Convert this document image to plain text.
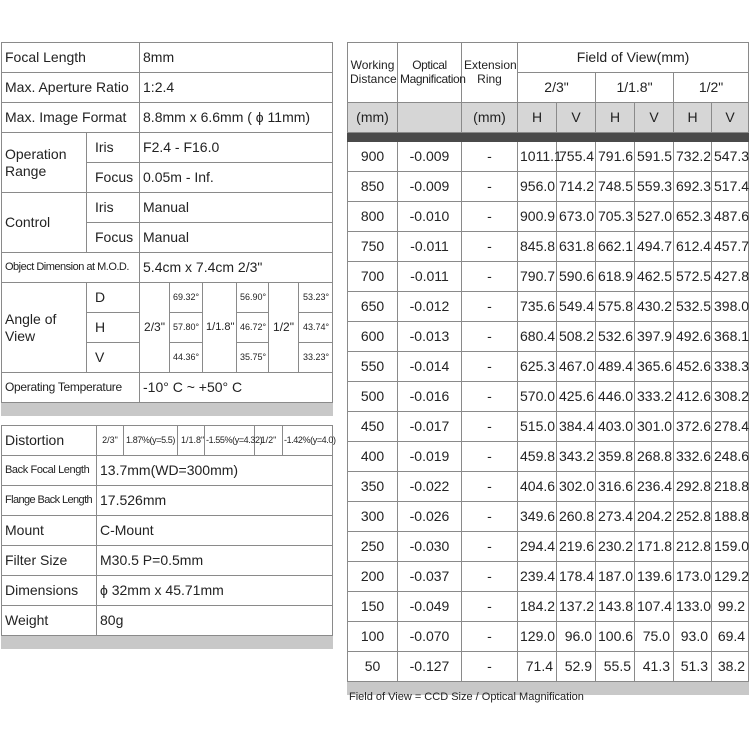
Focal Length		8mm					
Max. Aperture Ratio		1:2.4					
Max. Image Format		8.8mm x 6.6mm ( ϕ 11mm)					
Operation Range	Iris	F2.4 - F16.0					
	Focus	0.05m - Inf.					
Control	Iris	Manual					
	Focus	Manual					
Object Dimension at M.O.D.		5.4cm x 7.4cm 2/3"					
Angle of View	D	2/3"	69.32°	1/1.8"	56.90°	1/2"	53.23°
	H		57.80°		46.72°		43.74°
	V		44.36°		35.75°		33.23°
Operating Temperature		-10° C ~ +50° C					

Distortion	2/3"	1.87%(y=5.5)	1/1.8"	-1.55%(y=4.32)	1/2"	-1.42%(y=4.0)
Back Focal Length	13.7mm(WD=300mm)					
Flange Back Length	17.526mm					
Mount	C-Mount					
Filter Size	M30.5 P=0.5mm					
Dimensions	ϕ 32mm x 45.71mm					
Weight	80g					

Working Distance	Optical Magnification	Extension Ring	Field of View(mm)					
			2/3"		1/1.8"		1/2"	
(mm)		(mm)	H	V	H	V	H	V

900	-0.009	-	1011.1	755.4	791.6	591.5	732.2	547.3
850	-0.009	-	956.0	714.2	748.5	559.3	692.3	517.4
800	-0.010	-	900.9	673.0	705.3	527.0	652.3	487.6
750	-0.011	-	845.8	631.8	662.1	494.7	612.4	457.7
700	-0.011	-	790.7	590.6	618.9	462.5	572.5	427.8
650	-0.012	-	735.6	549.4	575.8	430.2	532.5	398.0
600	-0.013	-	680.4	508.2	532.6	397.9	492.6	368.1
550	-0.014	-	625.3	467.0	489.4	365.6	452.6	338.3
500	-0.016	-	570.0	425.6	446.0	333.2	412.6	308.2
450	-0.017	-	515.0	384.4	403.0	301.0	372.6	278.4
400	-0.019	-	459.8	343.2	359.8	268.8	332.6	248.6
350	-0.022	-	404.6	302.0	316.6	236.4	292.8	218.8
300	-0.026	-	349.6	260.8	273.4	204.2	252.8	188.8
250	-0.030	-	294.4	219.6	230.2	171.8	212.8	159.0
200	-0.037	-	239.4	178.4	187.0	139.6	173.0	129.2
150	-0.049	-	184.2	137.2	143.8	107.4	133.0	99.2
100	-0.070	-	129.0	96.0	100.6	75.0	93.0	69.4
50	-0.127	-	71.4	52.9	55.5	41.3	51.3	38.2

Field of View = CCD Size / Optical Magnification
